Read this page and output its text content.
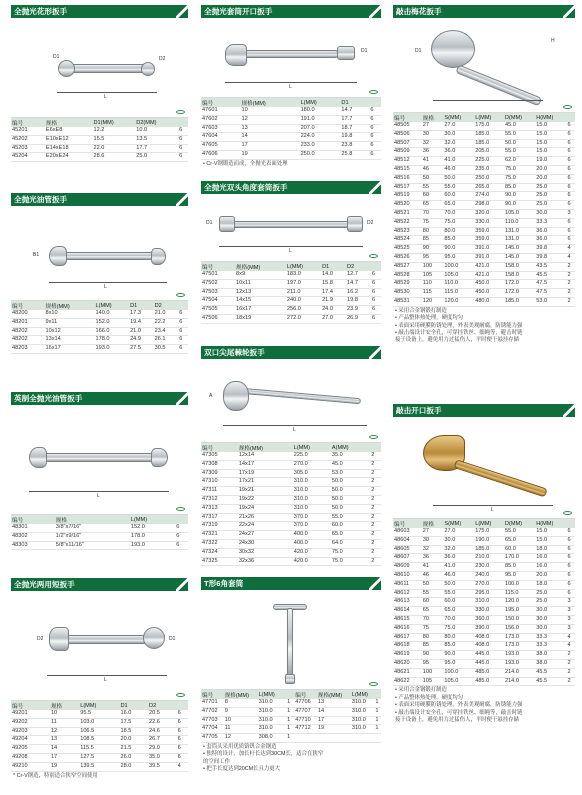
全抛光花形扳手
L
D1	D2
编号	规格	D1(MM)	D2(MM)	
45201	E6xE8	12.2	10.0	6
45202	E10xE12	15.5	13.5	6
45203	E14xE18	22.0	17.7	6
45204	E20xE24	28.6	25.0	6
全抛光油管扳手
L
B1
编号	规格(MM)	L(MM)	D1	D2	
48200	8x10	140.0	17.3	21.0	6
48201	9x11	152.0	19.4	22.2	6
48202	10x12	166.0	21.0	23.4	6
48202	13x14	178.0	24.9	26.1	6
48203	16x17	193.0	27.5	30.5	6
英制全抛光油管扳手
L
编号	规格	L(MM)	
48301	3/8"x7/16"	152.0	6
48302	1/2"x9/16"	178.0	6
48303	5/8"x11/16"	193.0	6
全抛光两用短扳手
L
D2	D1
编号	规格	L(MM)	D1	D2	
49201	10	95.5	16.0	20.5	6
49202	11	103.0	17.5	22.6	6
49203	12	106.5	18.5	24.6	6
49204	13	108.5	20.0	26.7	6
49205	14	115.5	21.5	29.0	6
49208	17	127.5	26.0	35.0	6
49210	19	139.5	28.0	39.5	4
* Cr-V钢造，特别适合狭窄空间使用
全抛光套筒开口扳手
L
D1
编号	规格(MM)	L(MM)	D1	
47601	10	180.0	14.7	6
47602	12	191.0	17.7	6
47603	13	207.0	18.7	6
47604	14	224.0	19.8	6
47605	17	233.0	23.8	6
47606	19	250.0	25.8	6
• Cr-V钢锻造而成，全抛光表面处理
全抛光双头角度套筒扳手
L
D1	D2
编号	规格(MM)	L(MM)	D1	D2	
47501	8x9	183.0	14.0	12.7	6
47502	10x11	197.0	15.8	14.7	6
47503	12x13	211.0	17.4	16.2	6
47504	14x15	240.0	21.9	19.8	6
47505	16x17	256.0	24.0	23.9	6
47506	18x19	272.0	27.0	26.9	6
双口尖尾棘轮扳手
L
A
编号	规格(MM)	L(MM)	A(MM)	
47305	12x14	225.0	35.0	2
47308	14x17	270.0	45.0	2
47309	17x19	305.0	53.0	2
47310	17x21	310.0	50.0	2
47311	19x21	310.0	50.0	2
47312	19x22	310.0	50.0	2
47313	19x24	310.0	50.0	2
47317	21x26	370.0	55.0	2
47319	22x24	370.0	60.0	2
47321	24x27	400.0	65.0	2
47322	24x30	400.0	64.0	2
47324	30x32	420.0	75.0	2
47325	32x36	420.0	75.0	2
T形6角套筒
编号	规格(MM)	L(MM)		编号	规格(MM)	L(MM)	
47701	8	310.0	1	47706	13	310.0	1
47702	9	310.0	1	47707	14	310.0	1
47703	10	310.0	1	47710	17	310.0	1
47704	11	310.0	1	47712	19	310.0	1
47705	12	308.0	1				
• 套筒头采用优质铬钒合金钢造
• 独特的设计，加长杆长达到30CM长，适合在狭窄
的空间工作
• 把手长度达到20CM长且力更大
敲击梅花扳手
D1
H
编号	规格	S(MM)	L(MM)	D(MM)	H(MM)	
48505	27	27.0	175.0	45.0	15.0	6
48506	30	30.0	185.0	55.0	15.0	6
48507	32	32.0	185.0	50.0	15.0	6
48509	36	36.0	205.0	55.0	15.0	6
48512	41	41.0	225.0	62.0	19.0	6
48515	46	46.0	235.0	75.0	20.0	6
48516	50	50.0	250.0	75.0	20.0	6
48517	55	55.0	265.0	85.0	25.0	6
48519	60	60.0	274.0	90.0	25.0	6
48520	65	65.0	298.0	90.0	25.0	6
48521	70	70.0	320.0	105.0	30.0	3
48522	75	75.0	330.0	110.0	33.3	6
48523	80	80.0	359.0	131.0	36.0	6
48524	85	85.0	359.0	131.0	36.0	6
48525	90	90.0	391.0	145.0	39.8	4
48526	95	95.0	391.0	145.0	39.8	4
48527	100	100.0	421.0	158.0	43.5	2
48528	105	105.0	421.0	158.0	45.5	2
48529	110	110.0	450.0	172.0	47.5	2
48530	115	115.0	450.0	172.0	47.5	2
48531	120	120.0	480.0	185.0	53.0	2
• 采用合金钢锻打制造
• 产品整体热处理，硬度均匀
• 表面采用硬膜防锈处理，外表美观耐腐，防锈能力强
• 敲击端设计安全孔，可穿挂铁丝、细绳等，避击时链
接于设备上，避免用力过猛伤人，平时便于悬挂存储
敲击开口扳手
L
编号	规格	S(MM)	L(MM)	D(MM)	H(MM)	
48603	27	27.0	175.0	55.0	15.0	6
48604	30	30.0	190.0	65.0	15.0	6
48605	32	32.0	185.0	60.0	18.0	6
48607	36	36.0	210.0	170.0	16.0	6
48609	41	41.0	230.0	85.0	16.0	6
48610	46	46.0	240.0	95.0	20.0	6
48611	50	50.0	270.0	100.0	18.0	6
48612	55	55.0	295.0	115.0	25.0	6
48613	60	60.0	310.0	120.0	25.0	3
48614	65	65.0	330.0	195.0	30.0	3
48615	70	70.0	360.0	150.0	30.0	3
48616	75	75.0	390.0	156.0	30.0	3
48617	80	80.0	408.0	173.0	33.3	4
48618	85	85.0	408.0	173.0	33.3	4
48619	90	90.0	445.0	193.0	38.0	2
48620	95	95.0	445.0	193.0	38.0	2
48621	100	100.0	485.0	214.0	45.5	2
48622	105	105.0	485.0	214.0	45.5	2
• 采用合金钢锻打制造
• 产品整体热处理，硬度均匀
• 表面采用硬膜防锈处理，外表美观耐腐，防锈能力强
• 敲击端设计安全孔，可穿挂铁丝、细绳等，敲击时链
接于设备上，避免用力过猛伤人，平时便于悬挂存储
